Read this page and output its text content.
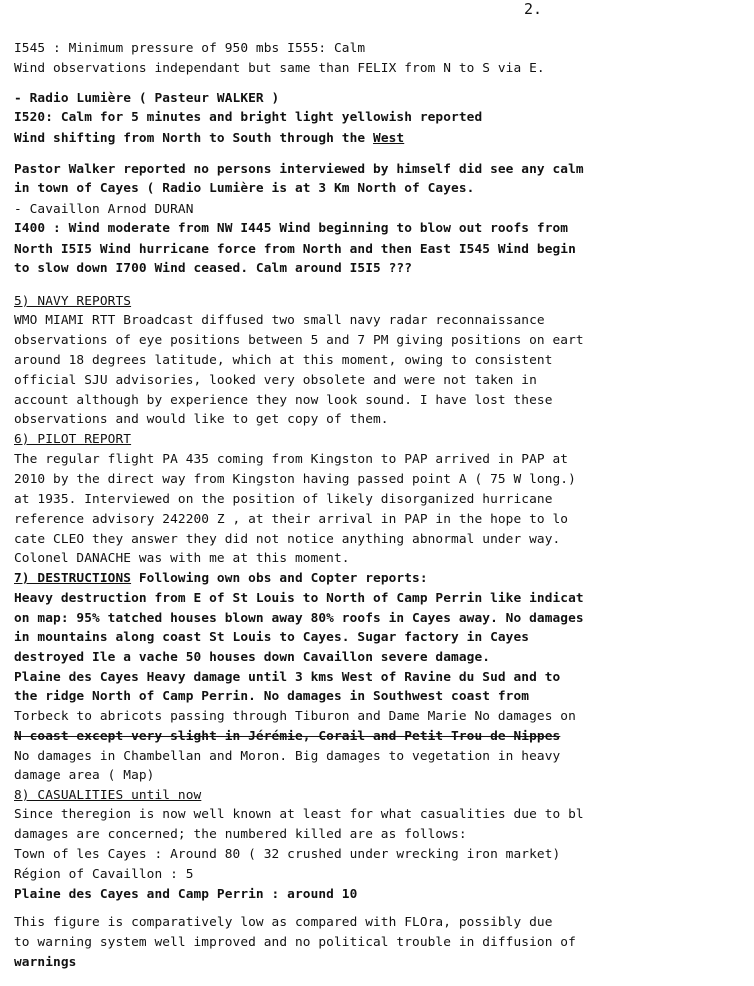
2.
I545 : Minimum pressure of 950 mbs I555: Calm
Wind observations independant but same than FELIX from N to S via E.
- Radio Lumière ( Pasteur WALKER )
I520: Calm for 5 minutes and bright light yellowish reported
Wind shifting from North to South through the West
Pastor Walker reported no persons interviewed by himself did see any calm
in town of Cayes ( Radio Lumière is at 3 Km North of Cayes.
- Cavaillon Arnod DURAN
I400 : Wind moderate from NW I445 Wind beginning to blow out roofs from
North I5I5 Wind hurricane force from North and then East I545 Wind begin
to slow down I700 Wind ceased. Calm around I5I5 ???
5) NAVY REPORTS
WMO MIAMI RTT Broadcast diffused two small navy radar reconnaissance
observations of eye positions between 5 and 7 PM giving positions on eart
around 18 degrees latitude, which at this moment, owing to consistent
official SJU advisories, looked very obsolete and were not taken in
account although by experience they now look sound. I have lost these
observations and would like to get copy of them.
6) PILOT REPORT
The regular flight PA 435 coming from Kingston to PAP arrived in PAP at
2010 by the direct way from Kingston having passed point A ( 75 W long.)
at 1935. Interviewed on the position of likely disorganized hurricane
reference advisory 242200 Z , at their arrival in PAP in the hope to lo
cate CLEO they answer they did not notice anything abnormal under way.
Colonel DANACHE was with me at this moment.
7) DESTRUCTIONS Following own obs and Copter reports:
Heavy destruction from E of St Louis to North of Camp Perrin like indicat
on map: 95% tatched houses blown away 80% roofs in Cayes away. No damages
in mountains along coast St Louis to Cayes. Sugar factory in Cayes
destroyed Ile a vache 50 houses down Cavaillon severe damage.
Plaine des Cayes Heavy damage until 3 kms West of Ravine du Sud and to
the ridge North of Camp Perrin. No damages in Southwest coast from
Torbeck to abricots passing through Tiburon and Dame Marie No damages on
N coast except very slight in Jérémie, Corail and Petit Trou de Nippes
No damages in Chambellan and Moron. Big damages to vegetation in heavy
damage area ( Map)
8) CASUALITIES until now
Since theregion is now well known at least for what casualities due to bl
damages are concerned; the numbered killed are as follows:
Town of les Cayes : Around 80 ( 32 crushed under wrecking iron market)
Région of Cavaillon : 5
Plaine des Cayes and Camp Perrin : around 10
This figure is comparatively low as compared with FLOra, possibly due
to warning system well improved and no political trouble in diffusion of
warnings
